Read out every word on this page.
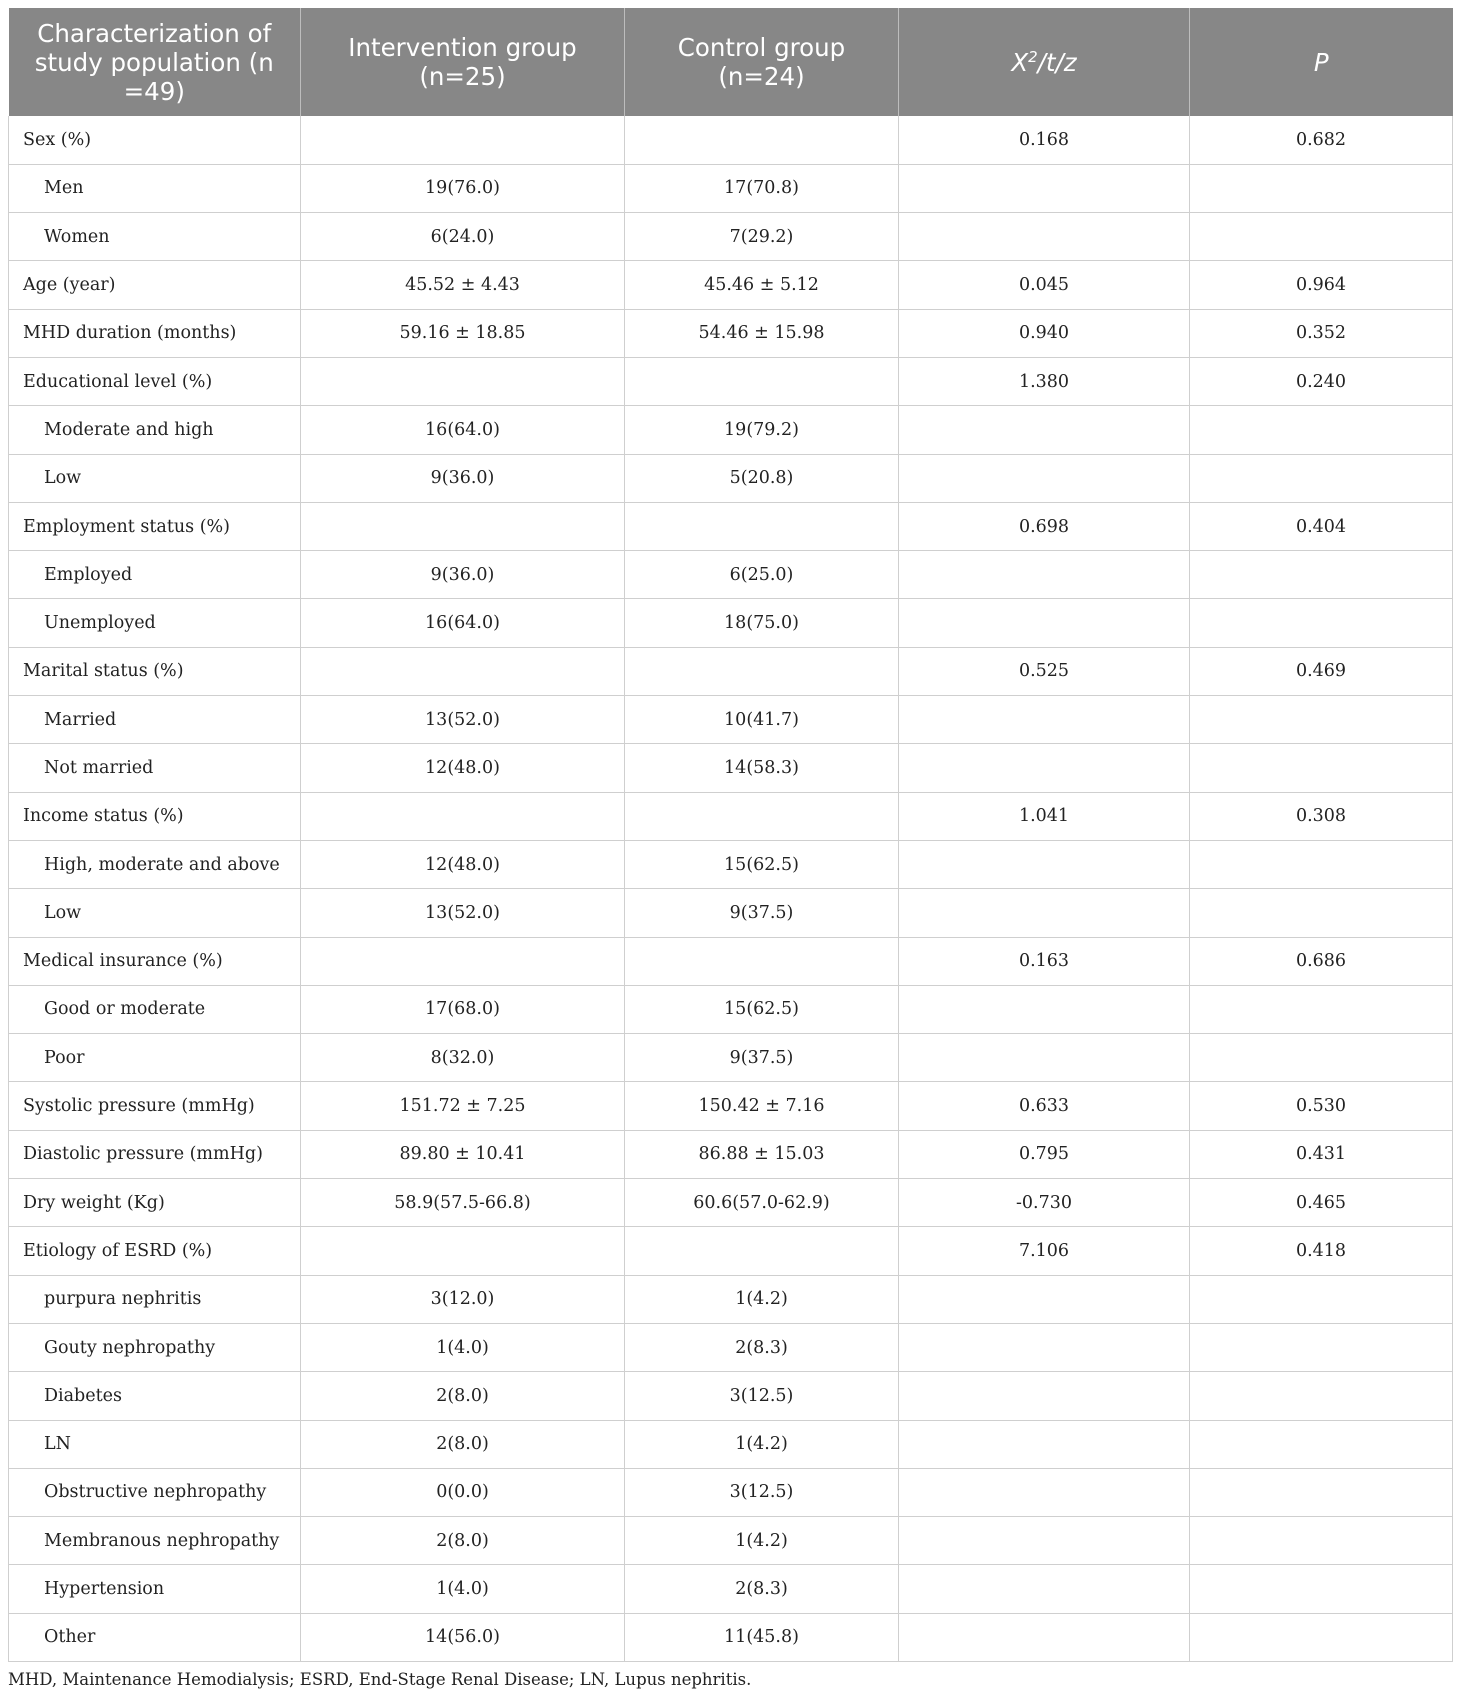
Characterization of study population (n =49)	Intervention group (n=25)	Control group (n=24)	$X^2/t/z$	P
Sex (%)			0.168	0.682
Men	19(76.0)	17(70.8)		
Women	6(24.0)	7(29.2)		
Age (year)	45.52 ± 4.43	45.46 ± 5.12	0.045	0.964
MHD duration (months)	59.16 ± 18.85	54.46 ± 15.98	0.940	0.352
Educational level (%)			1.380	0.240
Moderate and high	16(64.0)	19(79.2)		
Low	9(36.0)	5(20.8)		
Employment status (%)			0.698	0.404
Employed	9(36.0)	6(25.0)		
Unemployed	16(64.0)	18(75.0)		
Marital status (%)			0.525	0.469
Married	13(52.0)	10(41.7)		
Not married	12(48.0)	14(58.3)		
Income status (%)			1.041	0.308
High, moderate and above	12(48.0)	15(62.5)		
Low	13(52.0)	9(37.5)		
Medical insurance (%)			0.163	0.686
Good or moderate	17(68.0)	15(62.5)		
Poor	8(32.0)	9(37.5)		
Systolic pressure (mmHg)	151.72 ± 7.25	150.42 ± 7.16	0.633	0.530
Diastolic pressure (mmHg)	89.80 ± 10.41	86.88 ± 15.03	0.795	0.431
Dry weight (Kg)	58.9(57.5-66.8)	60.6(57.0-62.9)	-0.730	0.465
Etiology of ESRD (%)			7.106	0.418
purpura nephritis	3(12.0)	1(4.2)		
Gouty nephropathy	1(4.0)	2(8.3)		
Diabetes	2(8.0)	3(12.5)		
LN	2(8.0)	1(4.2)		
Obstructive nephropathy	0(0.0)	3(12.5)		
Membranous nephropathy	2(8.0)	1(4.2)		
Hypertension	1(4.0)	2(8.3)		
Other	14(56.0)	11(45.8)		
MHD, Maintenance Hemodialysis; ESRD, End-Stage Renal Disease; LN, Lupus nephritis.
